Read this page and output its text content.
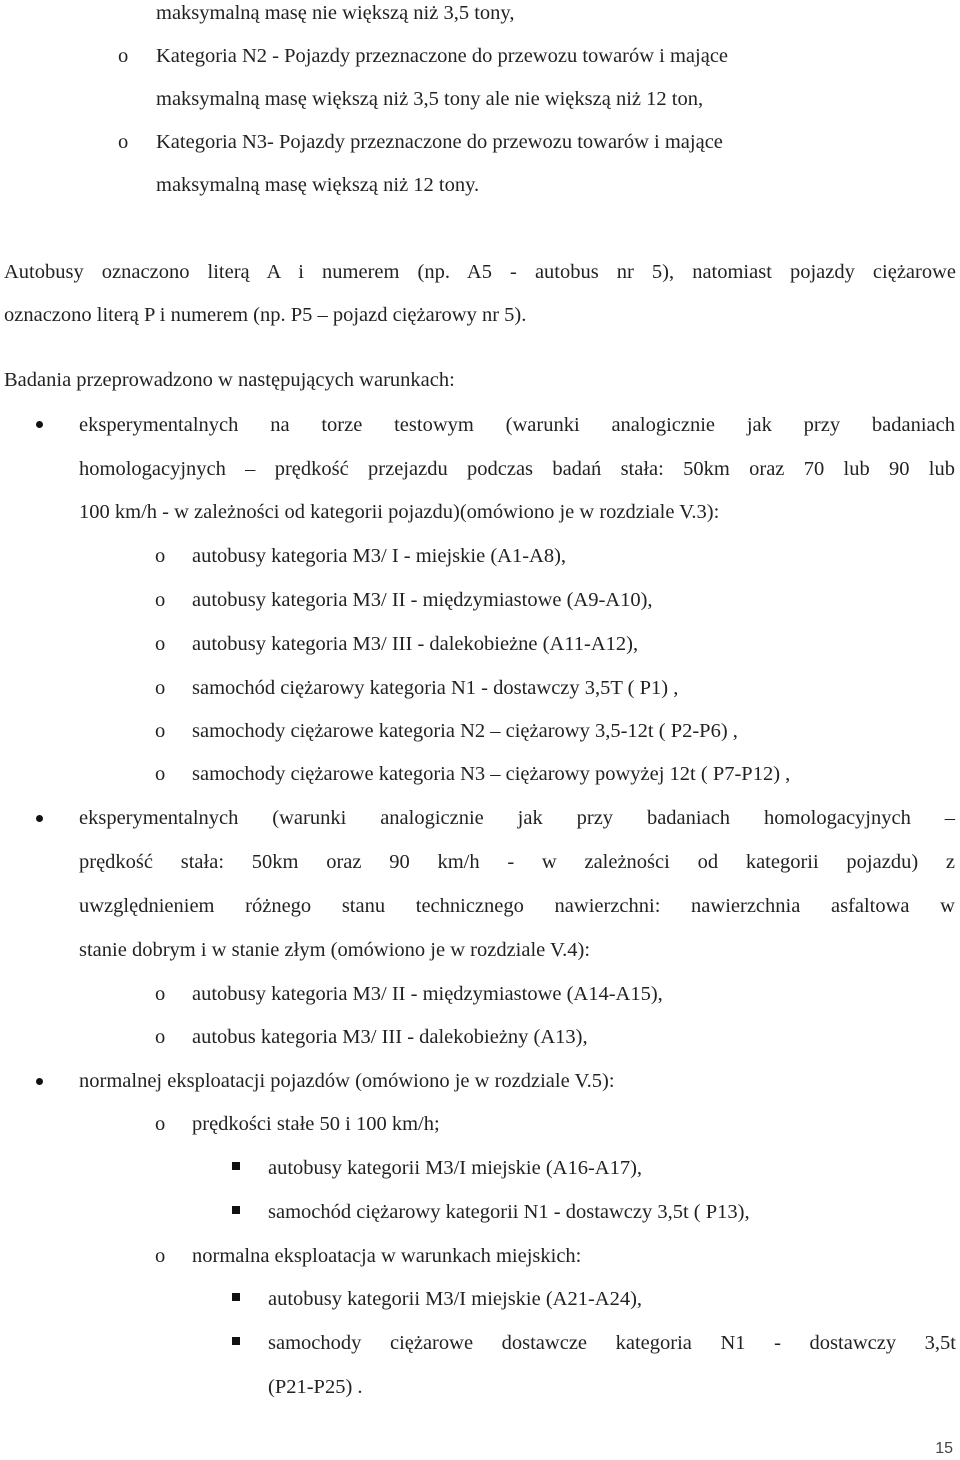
maksymalną masę nie większą niż 3,5 tony,
o Kategoria N2 - Pojazdy przeznaczone do przewozu towarów i mające
maksymalną masę większą niż 3,5 tony ale nie większą niż 12 ton,
o Kategoria N3- Pojazdy przeznaczone do przewozu towarów i mające
maksymalną masę większą niż 12 tony.
Autobusy oznaczono literą A i numerem (np. A5 - autobus nr 5), natomiast pojazdy ciężarowe
oznaczono literą P i numerem (np. P5 – pojazd ciężarowy nr 5).
Badania przeprowadzono w następujących warunkach:
eksperymentalnych na torze testowym (warunki analogicznie jak przy badaniach
homologacyjnych – prędkość przejazdu podczas badań stała: 50km oraz 70 lub 90 lub
100 km/h - w zależności od kategorii pojazdu)(omówiono je w rozdziale V.3):
o autobusy kategoria M3/ I - miejskie (A1-A8),
o autobusy kategoria M3/ II - międzymiastowe (A9-A10),
o autobusy kategoria M3/ III - dalekobieżne (A11-A12),
o samochód ciężarowy kategoria N1 - dostawczy 3,5T ( P1) ,
o samochody ciężarowe kategoria N2 – ciężarowy 3,5-12t ( P2-P6) ,
o samochody ciężarowe kategoria N3 – ciężarowy powyżej 12t ( P7-P12) ,
eksperymentalnych (warunki analogicznie jak przy badaniach homologacyjnych –
prędkość stała: 50km oraz 90 km/h - w zależności od kategorii pojazdu) z
uwzględnieniem różnego stanu technicznego nawierzchni: nawierzchnia asfaltowa w
stanie dobrym i w stanie złym (omówiono je w rozdziale V.4):
o autobusy kategoria M3/ II - międzymiastowe (A14-A15),
o autobus kategoria M3/ III - dalekobieżny (A13),
normalnej eksploatacji pojazdów (omówiono je w rozdziale V.5):
o prędkości stałe 50 i 100 km/h;
autobusy kategorii M3/I miejskie (A16-A17),
samochód ciężarowy kategorii N1 - dostawczy 3,5t ( P13),
o normalna eksploatacja w warunkach miejskich:
autobusy kategorii M3/I miejskie (A21-A24),
samochody ciężarowe dostawcze kategoria N1 - dostawczy 3,5t
(P21-P25) .
15
